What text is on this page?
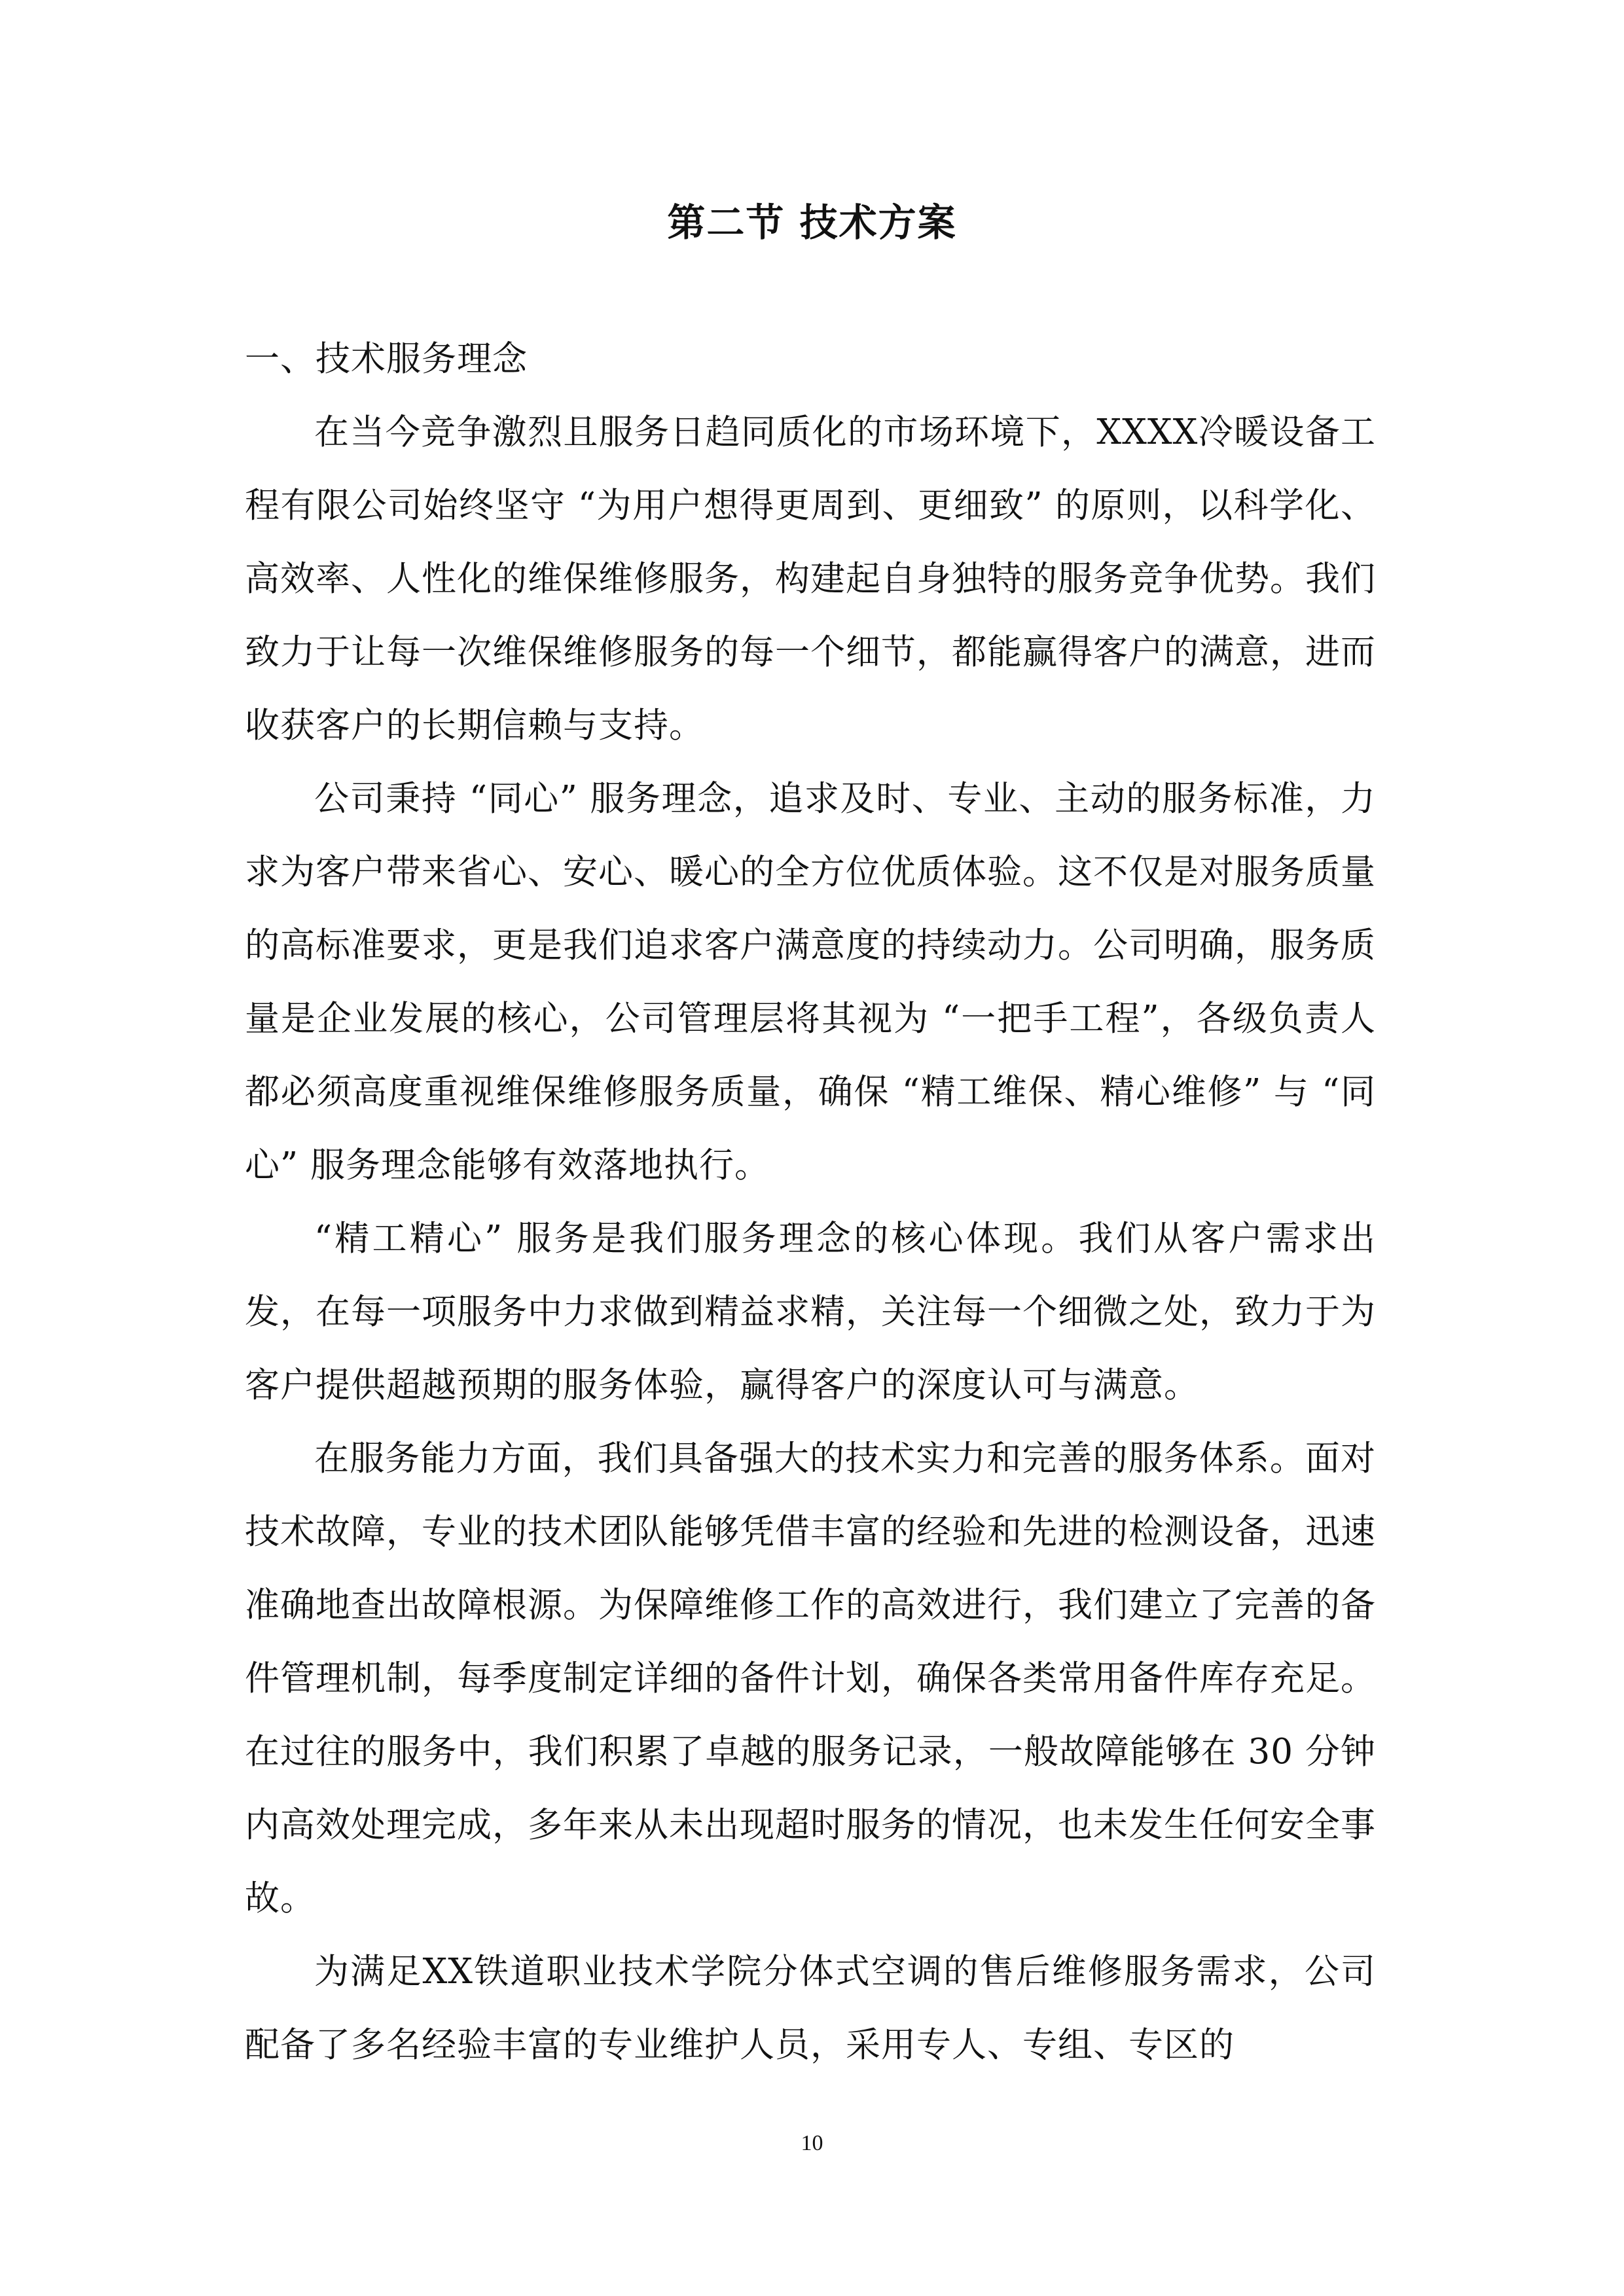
第二节 技术方案

一、技术服务理念

在当今竞争激烈且服务日趋同质化的市场环境下，XXXX冷暖设备工程有限公司始终坚守 “为用户想得更周到、更细致” 的原则，以科学化、高效率、人性化的维保维修服务，构建起自身独特的服务竞争优势。我们致力于让每一次维保维修服务的每一个细节，都能赢得客户的满意，进而收获客户的长期信赖与支持。

公司秉持 “同心” 服务理念，追求及时、专业、主动的服务标准，力求为客户带来省心、安心、暖心的全方位优质体验。这不仅是对服务质量的高标准要求，更是我们追求客户满意度的持续动力。公司明确，服务质量是企业发展的核心，公司管理层将其视为 “一把手工程”，各级负责人都必须高度重视维保维修服务质量，确保 “精工维保、精心维修” 与 “同心” 服务理念能够有效落地执行。

“精工精心” 服务是我们服务理念的核心体现。我们从客户需求出发，在每一项服务中力求做到精益求精，关注每一个细微之处，致力于为客户提供超越预期的服务体验，赢得客户的深度认可与满意。

在服务能力方面，我们具备强大的技术实力和完善的服务体系。面对技术故障，专业的技术团队能够凭借丰富的经验和先进的检测设备，迅速准确地查出故障根源。为保障维修工作的高效进行，我们建立了完善的备件管理机制，每季度制定详细的备件计划，确保各类常用备件库存充足。在过往的服务中，我们积累了卓越的服务记录，一般故障能够在 30 分钟内高效处理完成，多年来从未出现超时服务的情况，也未发生任何安全事故。

为满足XX铁道职业技术学院分体式空调的售后维修服务需求，公司配备了多名经验丰富的专业维护人员，采用专人、专组、专区的

10
